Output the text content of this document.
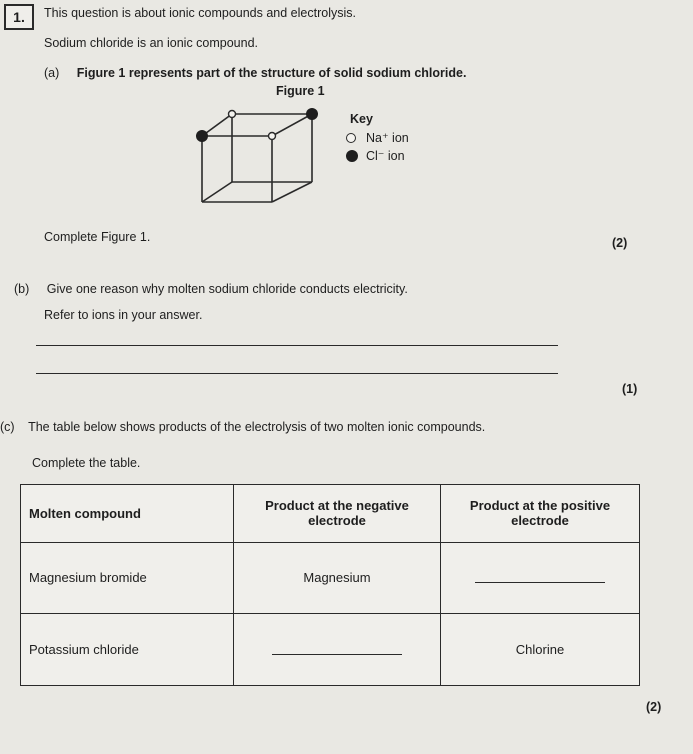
1.	This question is about ionic compounds and electrolysis.
Sodium chloride is an ionic compound.
(a) Figure 1 represents part of the structure of solid sodium chloride.
Figure 1
Key
Na⁺ ion
Cl⁻ ion
Complete Figure 1.	(2)
(b) Give one reason why molten sodium chloride conducts electricity.
Refer to ions in your answer.
(1)
(c) The table below shows products of the electrolysis of two molten ionic compounds.
Complete the table.
Molten compound	Product at the negative electrode	Product at the positive electrode
Magnesium bromide	Magnesium	
Potassium chloride		Chlorine
(2)
